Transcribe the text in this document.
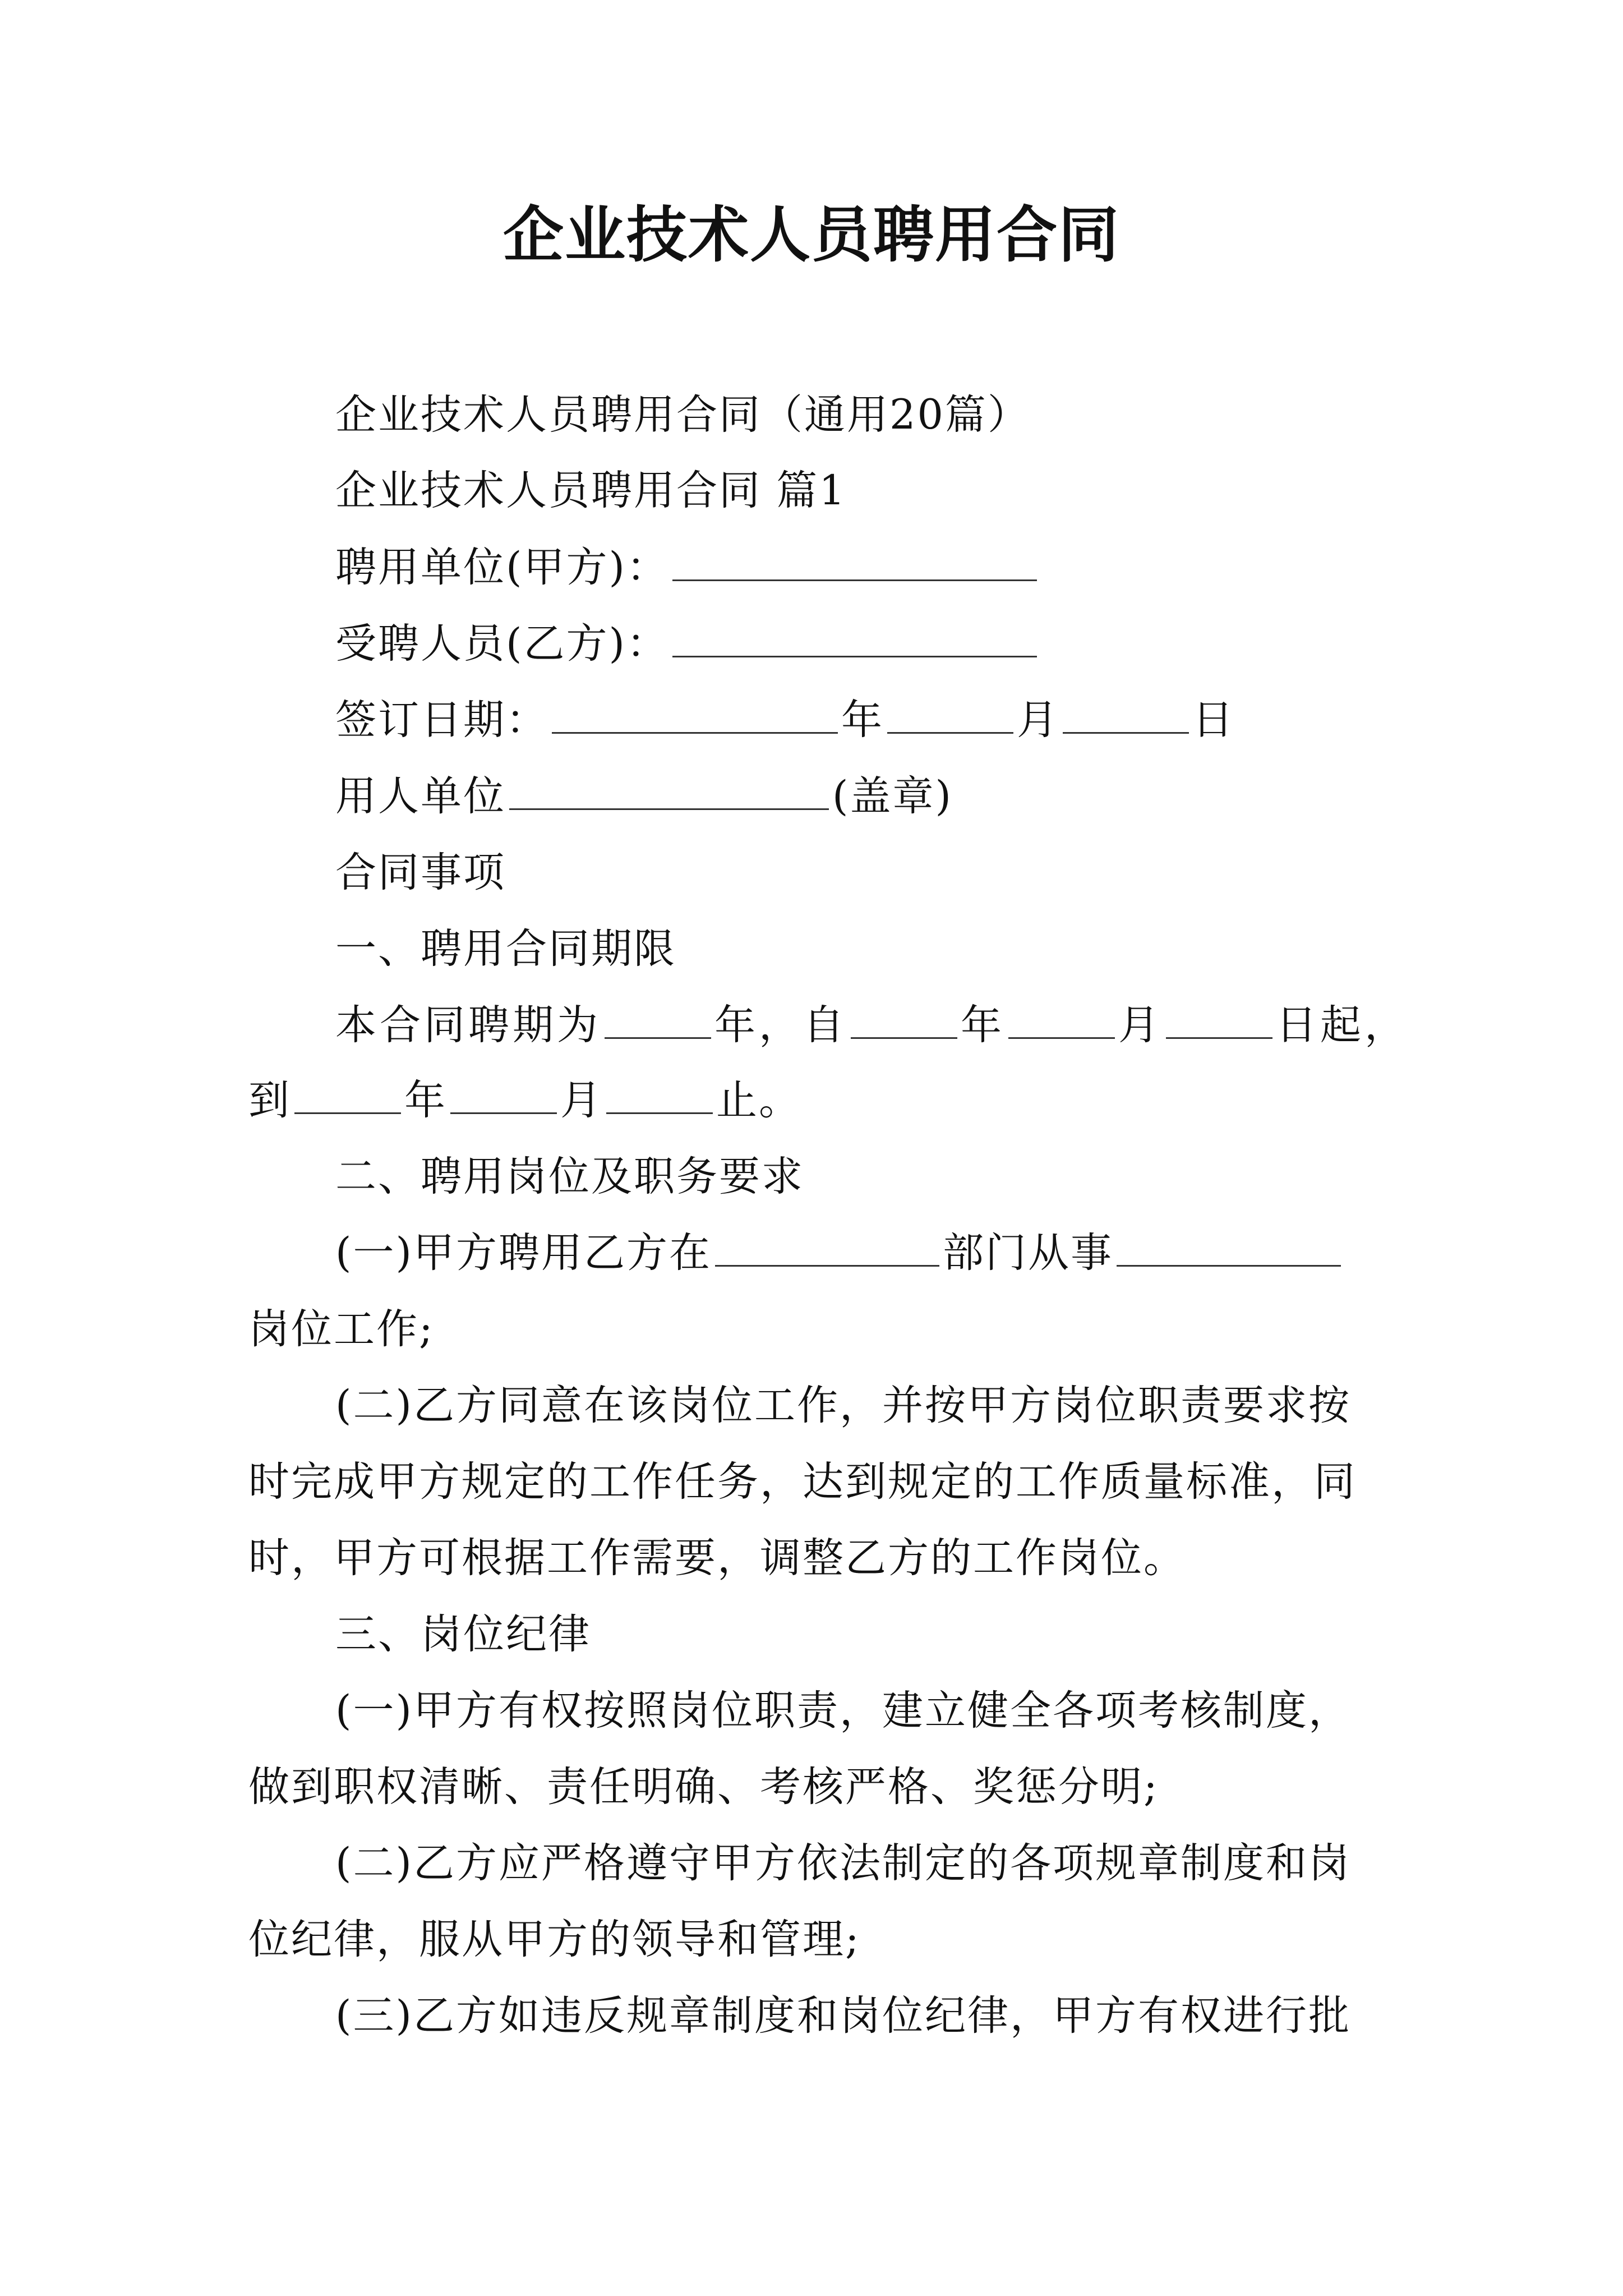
企业技术人员聘用合同
企业技术人员聘用合同（通用20篇）
企业技术人员聘用合同 篇1
聘用单位(甲方)：
受聘人员(乙方)：
签订日期：	年	月	日
用人单位	(盖章)
合同事项
一、聘用合同期限
本合同聘期为	年，自	年	月	日起，
到	年	月	止。
二、聘用岗位及职务要求
(一)甲方聘用乙方在	部门从事
岗位工作;
(二)乙方同意在该岗位工作，并按甲方岗位职责要求按
时完成甲方规定的工作任务，达到规定的工作质量标准，同
时，甲方可根据工作需要，调整乙方的工作岗位。
三、岗位纪律
(一)甲方有权按照岗位职责，建立健全各项考核制度，
做到职权清晰、责任明确、考核严格、奖惩分明;
(二)乙方应严格遵守甲方依法制定的各项规章制度和岗
位纪律，服从甲方的领导和管理;
(三)乙方如违反规章制度和岗位纪律，甲方有权进行批
